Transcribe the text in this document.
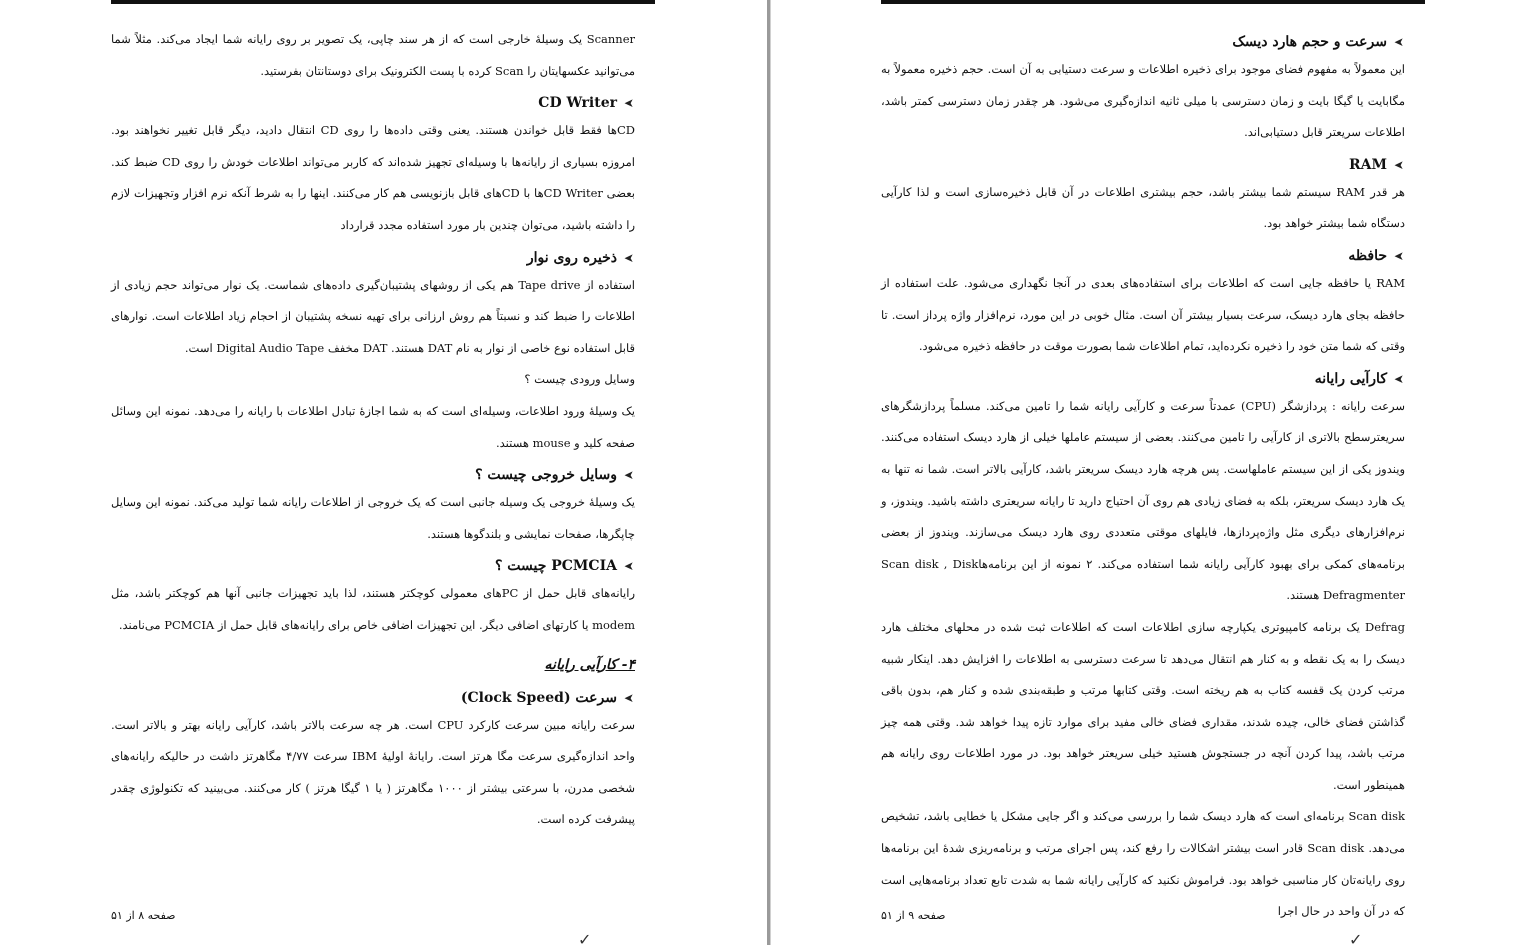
Scanner یک وسیلهٔ خارجی است که از هر سند چاپی، یک تصویر بر روی رایانه شما ایجاد می‌کند. مثلاً شما می‌توانید عکسهایتان را Scan کرده با پست الکترونیک برای دوستانتان بفرستید.

➤
CD Writer

CDها فقط قابل خواندن هستند. یعنی وقتی داده‌ها را روی CD انتقال دادید، دیگر قابل تغییر نخواهند بود. امروزه بسیاری از رایانه‌ها با وسیله‌ای تجهیز شده‌اند که کاربر می‌تواند اطلاعات خودش را روی CD ضبط کند. بعضی CD Writerها با CDهای قابل بازنویسی هم کار می‌کنند. اینها را به شرط آنکه نرم افزار وتجهیزات لازم را داشته باشید، می‌توان چندین بار مورد استفاده مجدد قرارداد

➤
ذخیره روی نوار

استفاده از Tape drive هم یکی از روشهای پشتیبان‌گیری داده‌های شماست. یک نوار می‌تواند حجم زیادی از اطلاعات را ضبط کند و نسبتاً هم روش ارزانی برای تهیه نسخه پشتیبان از احجام زیاد اطلاعات است. نوارهای قابل استفاده نوع خاصی از نوار به نام DAT هستند. DAT مخفف Digital Audio Tape است.

وسایل ورودی چیست ؟

یک وسیلهٔ ورود اطلاعات، وسیله‌ای است که به شما اجازهٔ تبادل اطلاعات با رایانه را می‌دهد. نمونه این وسائل صفحه کلید و mouse هستند.

➤
وسایل خروجی چیست ؟

یک وسیلهٔ خروجی یک وسیله جانبی است که یک خروجی از اطلاعات رایانه شما تولید می‌کند. نمونه این وسایل چاپگرها، صفحات نمایشی و بلندگوها هستند.

➤
PCMCIA چیست ؟

رایانه‌های قابل حمل از PCهای معمولی کوچکتر هستند، لذا باید تجهیزات جانبی آنها هم کوچکتر باشد، مثل modem یا کارتهای اضافی دیگر. این تجهیزات اضافی خاص برای رایانه‌های قابل حمل از PCMCIA می‌نامند.

۴- کارآیی رایانه
➤
سرعت (Clock Speed)

سرعت رایانه مبین سرعت کارکرد CPU است. هر چه سرعت بالاتر باشد، کارآیی رایانه بهتر و بالاتر است. واحد اندازه‌گیری سرعت مگا هرتز است. رایانهٔ اولیهٔ IBM سرعت ۴/۷۷ مگاهرتز داشت در حالیکه رایانه‌های شخصی مدرن، با سرعتی بیشتر از ۱۰۰۰ مگاهرتز ( یا ۱ گیگا هرتز ) کار می‌کنند. می‌بینید که تکنولوژی چقدر پیشرفت کرده است.

صفحه ۸ از ۵۱
✓
➤
سرعت و حجم هارد دیسک

این معمولاً به مفهوم فضای موجود برای ذخیره اطلاعات و سرعت دستیابی به آن است. حجم ذخیره معمولاً به مگابایت یا گیگا بایت و زمان دسترسی با میلی ثانیه اندازه‌گیری می‌شود. هر چقدر زمان دسترسی کمتر باشد، اطلاعات سریعتر قابل دستیابی‌اند.

➤
RAM

هر قدر RAM سیستم شما بیشتر باشد، حجم بیشتری اطلاعات در آن قابل ذخیره‌سازی است و لذا کارآیی دستگاه شما بیشتر خواهد بود.

➤
حافظه

RAM یا حافظه جایی است که اطلاعات برای استفاده‌های بعدی در آنجا نگهداری می‌شود. علت استفاده از حافظه بجای هارد دیسک، سرعت بسیار بیشتر آن است. مثال خوبی در این مورد، نرم‌افزار واژه پرداز است. تا وقتی که شما متن خود را ذخیره نکرده‌اید، تمام اطلاعات شما بصورت موقت در حافظه ذخیره می‌شود.

➤
کارآیی رایانه

سرعت رایانه : پردازشگر (CPU) عمدتاً سرعت و کارآیی رایانه شما را تامین می‌کند. مسلماً پردازشگرهای سریعترسطح بالاتری از کارآیی را تامین می‌کنند. بعضی از سیستم عاملها خیلی از هارد دیسک استفاده می‌کنند. ویندوز یکی از این سیستم عاملهاست. پس هرچه هارد دیسک سریعتر باشد، کارآیی بالاتر است. شما نه تنها به یک هارد دیسک سریعتر، بلکه به فضای زیادی هم روی آن احتیاج دارید تا رایانه سریعتری داشته باشید. ویندوز، و نرم‌افزارهای دیگری مثل واژه‌پردازها، فایلهای موقتی متعددی روی هارد دیسک می‌سازند. ویندوز از بعضی برنامه‌های کمکی برای بهبود کارآیی رایانه شما استفاده می‌کند. ۲ نمونه از این برنامه‌هاScan disk , Disk Defragmenter هستند.

Defrag یک برنامه کامپیوتری یکپارچه سازی اطلاعات است که اطلاعات ثبت شده در محلهای مختلف هارد دیسک را به یک نقطه و به کنار هم انتقال می‌دهد تا سرعت دسترسی به اطلاعات را افزایش دهد. اینکار شبیه مرتب کردن یک قفسه کتاب به هم ریخته است. وقتی کتابها مرتب و طبقه‌بندی شده و کنار هم، بدون باقی گذاشتن فضای خالی، چیده شدند، مقداری فضای خالی مفید برای موارد تازه پیدا خواهد شد. وقتی همه چیز مرتب باشد، پیدا کردن آنچه در جستجوش هستید خیلی سریعتر خواهد بود. در مورد اطلاعات روی رایانه هم همینطور است.

Scan disk برنامه‌ای است که هارد دیسک شما را بررسی می‌کند و اگر جایی مشکل یا خطایی باشد، تشخیص می‌دهد. Scan disk قادر است بیشتر اشکالات را رفع کند، پس اجرای مرتب و برنامه‌ریزی شدهٔ این برنامه‌ها روی رایانه‌تان کار مناسبی خواهد بود. فراموش نکنید که کارآیی رایانه شما به شدت تابع تعداد برنامه‌هایی است که در آن واحد در حال اجرا

صفحه ۹ از ۵۱
✓
